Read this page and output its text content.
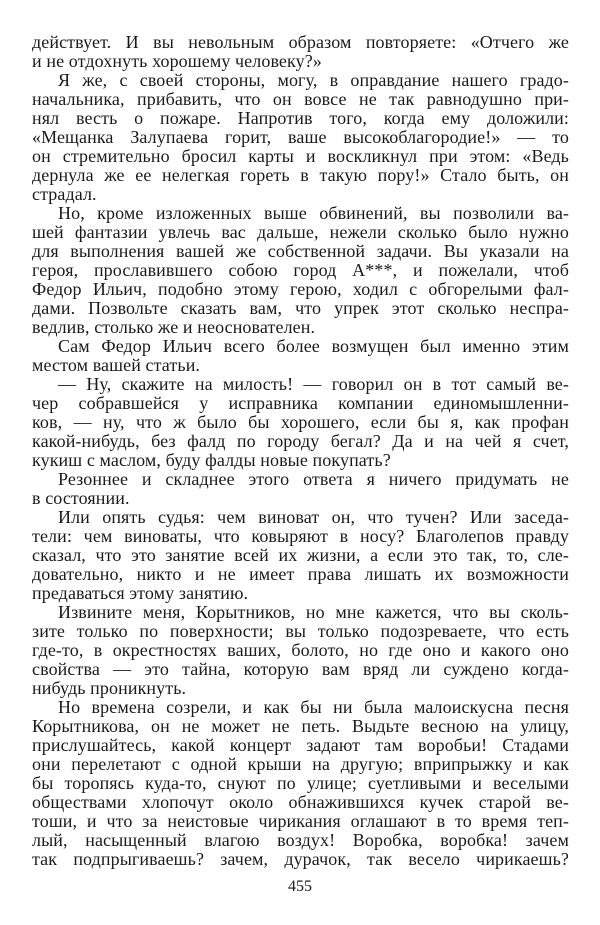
действует. И вы невольным образом повторяете: «Отчего же
и не отдохнуть хорошему человеку?»
Я же, с своей стороны, могу, в оправдание нашего градо-
начальника, прибавить, что он вовсе не так равнодушно при-
нял весть о пожаре. Напротив того, когда ему доложили:
«Мещанка Залупаева горит, ваше высокоблагородие!» — то
он стремительно бросил карты и воскликнул при этом: «Ведь
дернула же ее нелегкая гореть в такую пору!» Стало быть, он
страдал.
Но, кроме изложенных выше обвинений, вы позволили ва-
шей фантазии увлечь вас дальше, нежели сколько было нужно
для выполнения вашей же собственной задачи. Вы указали на
героя, прославившего собою город А***, и пожелали, чтоб
Федор Ильич, подобно этому герою, ходил с обгорелыми фал-
дами. Позвольте сказать вам, что упрек этот сколько неспра-
ведлив, столько же и неоснователен.
Сам Федор Ильич всего более возмущен был именно этим
местом вашей статьи.
— Ну, скажите на милость! — говорил он в тот самый ве-
чер собравшейся у исправника компании единомышленни-
ков, — ну, что ж было бы хорошего, если бы я, как профан
какой-нибудь, без фалд по городу бегал? Да и на чей я счет,
кукиш с маслом, буду фалды новые покупать?
Резоннее и складнее этого ответа я ничего придумать не
в состоянии.
Или опять судья: чем виноват он, что тучен? Или заседа-
тели: чем виноваты, что ковыряют в носу? Благолепов правду
сказал, что это занятие всей их жизни, а если это так, то, сле-
довательно, никто и не имеет права лишать их возможности
предаваться этому занятию.
Извините меня, Корытников, но мне кажется, что вы сколь-
зите только по поверхности; вы только подозреваете, что есть
где-то, в окрестностях ваших, болото, но где оно и какого оно
свойства — это тайна, которую вам вряд ли суждено когда-
нибудь проникнуть.
Но времена созрели, и как бы ни была малоискусна песня
Корытникова, он не может не петь. Выдьте весною на улицу,
прислушайтесь, какой концерт задают там воробьи! Стадами
они перелетают с одной крыши на другую; вприпрыжку и как
бы торопясь куда-то, снуют по улице; суетливыми и веселыми
обществами хлопочут около обнажившихся кучек старой ве-
тоши, и что за неистовые чирикания оглашают в то время теп-
лый, насыщенный влагою воздух! Воробка, воробка! зачем
так подпрыгиваешь? зачем, дурачок, так весело чирикаешь?
455
